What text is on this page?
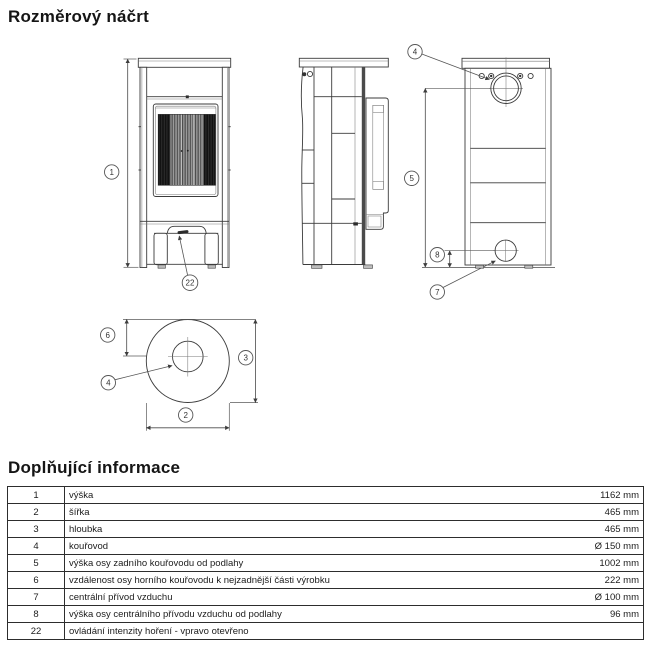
Rozměrový náčrt
1
22
5
4
8
7
6
3
2
4
Doplňující informace
1	výška	1162 mm
2	šířka	465 mm
3	hloubka	465 mm
4	kouřovod	Ø 150 mm
5	výška osy zadního kouřovodu od podlahy	1002 mm
6	vzdálenost osy horního kouřovodu k nejzadnější části výrobku	222 mm
7	centrální přívod vzduchu	Ø 100 mm
8	výška osy centrálního přívodu vzduchu od podlahy	96 mm
22	ovládání intenzity hoření - vpravo otevřeno	
